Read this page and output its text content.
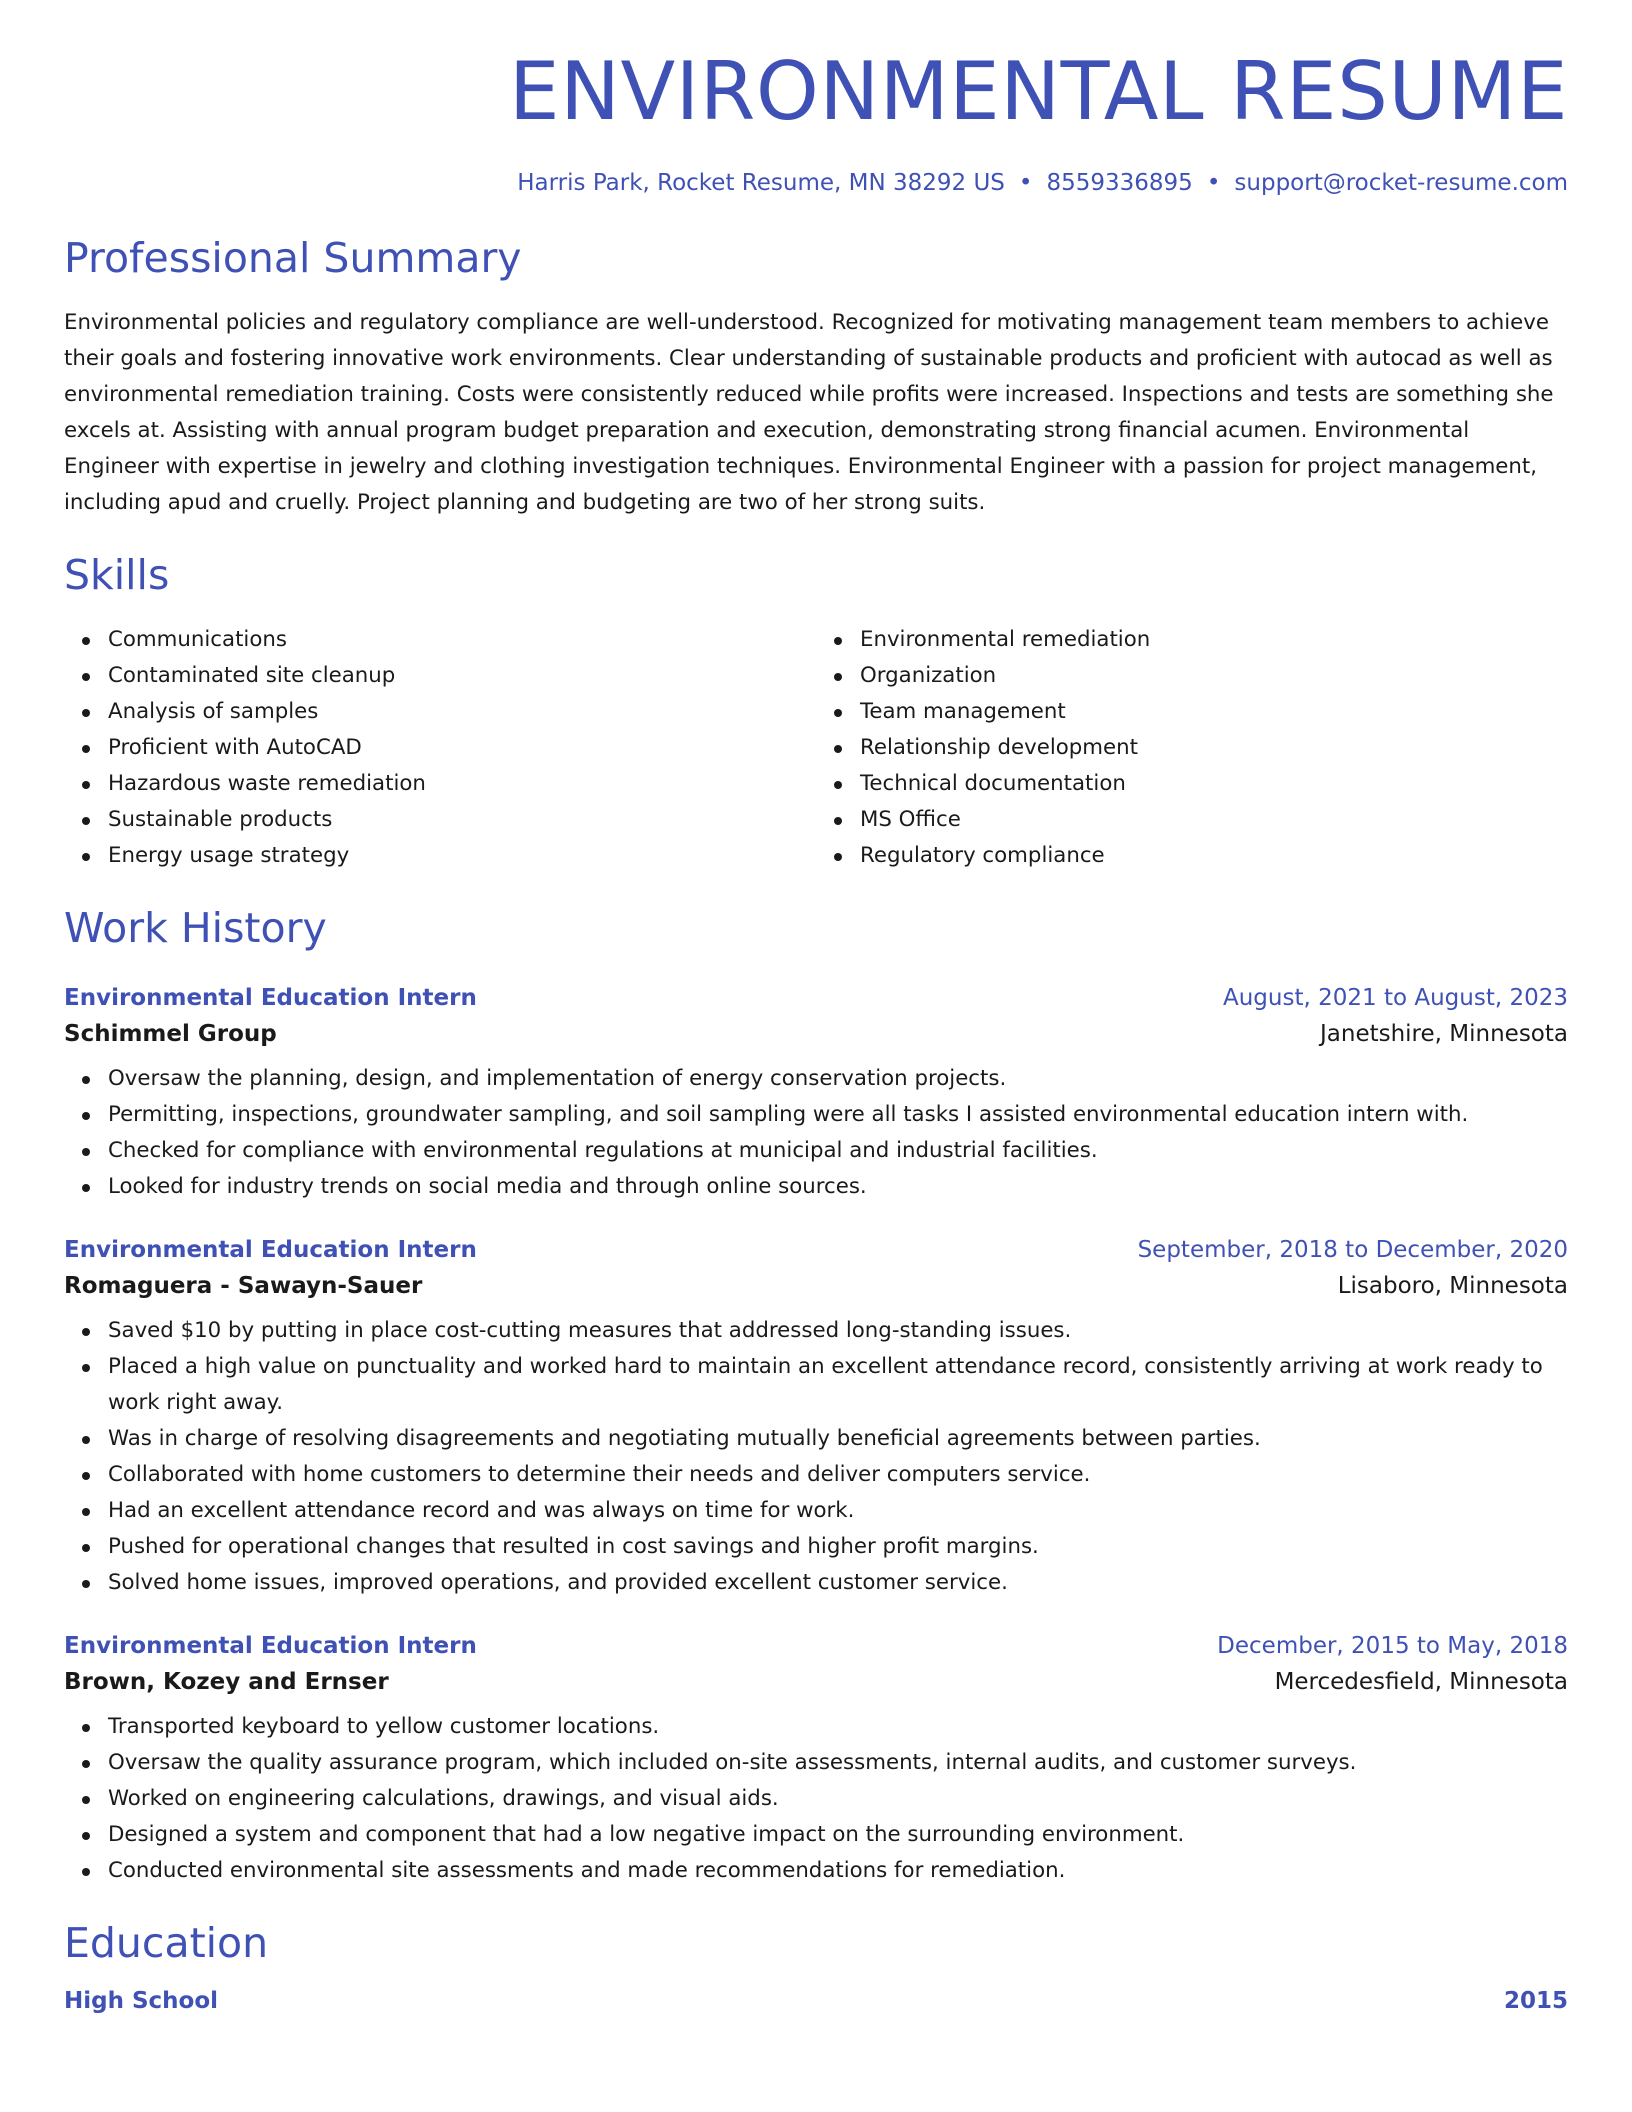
ENVIRONMENTAL RESUME
Harris Park, Rocket Resume, MN 38292 US • 8559336895 • support@rocket-resume.com
Professional Summary

Environmental policies and regulatory compliance are well-understood. Recognized for motivating management team members to achieve their goals and fostering innovative work environments. Clear understanding of sustainable products and proficient with autocad as well as environmental remediation training. Costs were consistently reduced while profits were increased. Inspections and tests are something she excels at. Assisting with annual program budget preparation and execution, demonstrating strong financial acumen. Environmental Engineer with expertise in jewelry and clothing investigation techniques. Environmental Engineer with a passion for project management, including apud and cruelly. Project planning and budgeting are two of her strong suits.

Skills
Communications
Contaminated site cleanup
Analysis of samples
Proficient with AutoCAD
Hazardous waste remediation
Sustainable products
Energy usage strategy
Environmental remediation
Organization
Team management
Relationship development
Technical documentation
MS Office
Regulatory compliance
Work History
Environmental Education Intern	August, 2021 to August, 2023
Schimmel Group	Janetshire, Minnesota
Oversaw the planning, design, and implementation of energy conservation projects.
Permitting, inspections, groundwater sampling, and soil sampling were all tasks I assisted environmental education intern with.
Checked for compliance with environmental regulations at municipal and industrial facilities.
Looked for industry trends on social media and through online sources.
Environmental Education Intern	September, 2018 to December, 2020
Romaguera - Sawayn-Sauer	Lisaboro, Minnesota
Saved $10 by putting in place cost-cutting measures that addressed long-standing issues.
Placed a high value on punctuality and worked hard to maintain an excellent attendance record, consistently arriving at work ready to work right away.
Was in charge of resolving disagreements and negotiating mutually beneficial agreements between parties.
Collaborated with home customers to determine their needs and deliver computers service.
Had an excellent attendance record and was always on time for work.
Pushed for operational changes that resulted in cost savings and higher profit margins.
Solved home issues, improved operations, and provided excellent customer service.
Environmental Education Intern	December, 2015 to May, 2018
Brown, Kozey and Ernser	Mercedesfield, Minnesota
Transported keyboard to yellow customer locations.
Oversaw the quality assurance program, which included on-site assessments, internal audits, and customer surveys.
Worked on engineering calculations, drawings, and visual aids.
Designed a system and component that had a low negative impact on the surrounding environment.
Conducted environmental site assessments and made recommendations for remediation.
Education
High School	2015
